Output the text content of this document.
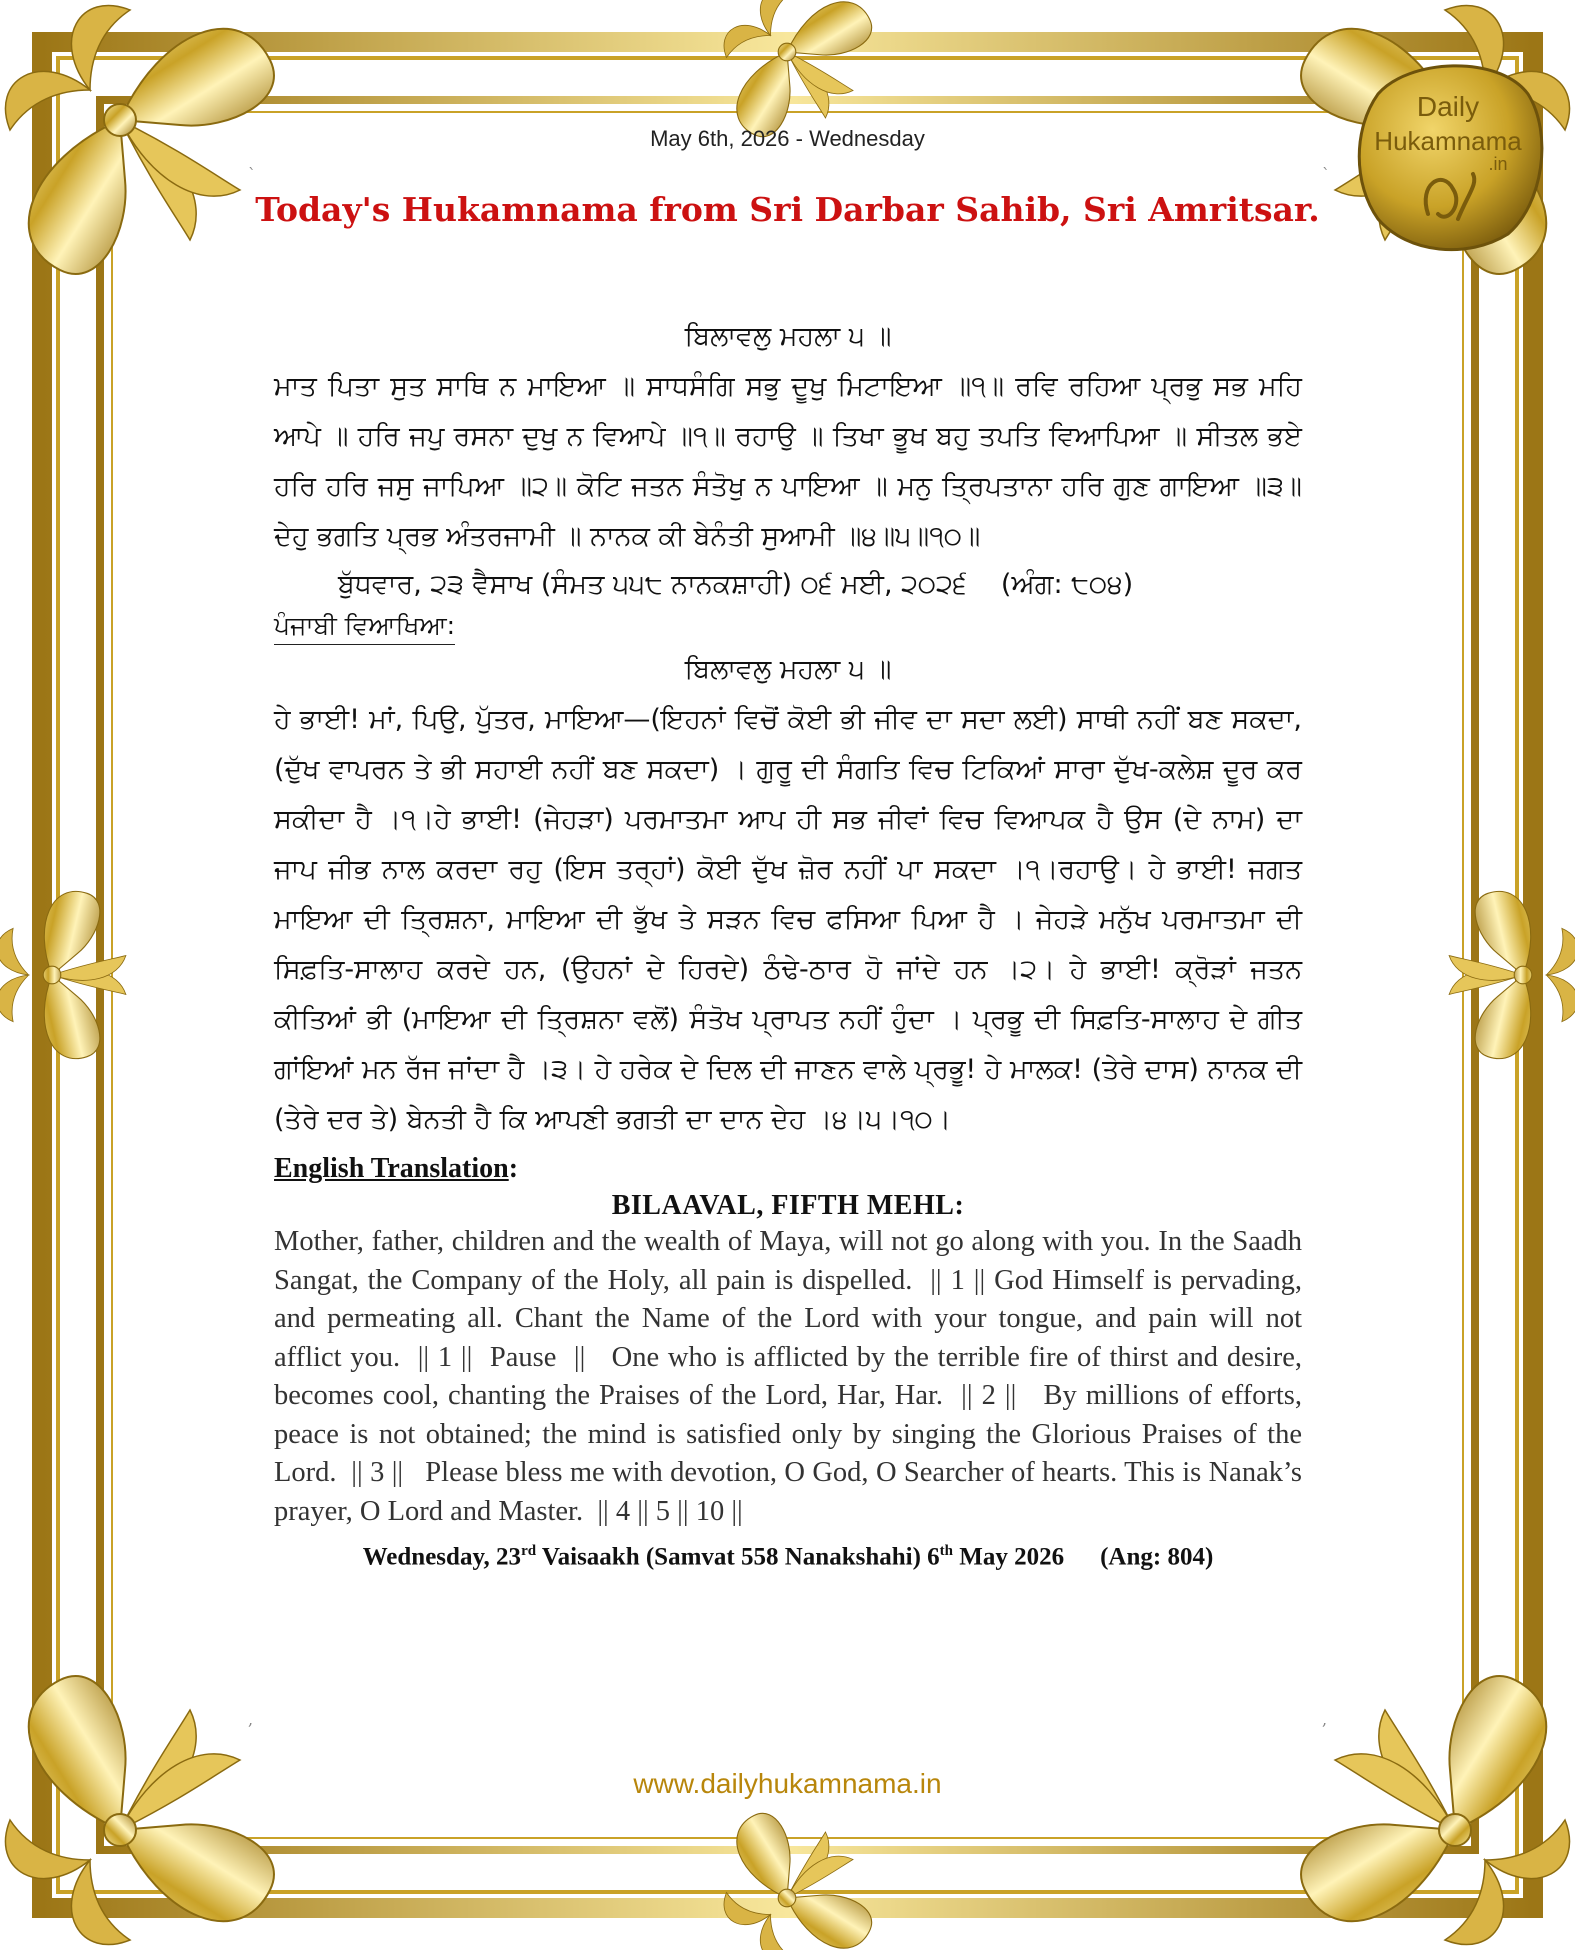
`	`
,	,
Daily
Hukamnama
.in
May 6th, 2026 - Wednesday
Today's Hukamnama from Sri Darbar Sahib, Sri Amritsar.

ਬਿਲਾਵਲੁ ਮਹਲਾ ੫ ॥

ਮਾਤ ਪਿਤਾ ਸੁਤ ਸਾਥਿ ਨ ਮਾਇਆ ॥ ਸਾਧਸੰਗਿ ਸਭੁ ਦੂਖੁ ਮਿਟਾਇਆ ॥੧॥ ਰਵਿ ਰਹਿਆ ਪ੍ਰਭੁ ਸਭ ਮਹਿ ਆਪੇ ॥ ਹਰਿ ਜਪੁ ਰਸਨਾ ਦੁਖੁ ਨ ਵਿਆਪੇ ॥੧॥ ਰਹਾਉ ॥ ਤਿਖਾ ਭੂਖ ਬਹੁ ਤਪਤਿ ਵਿਆਪਿਆ ॥ ਸੀਤਲ ਭਏ ਹਰਿ ਹਰਿ ਜਸੁ ਜਾਪਿਆ ॥੨॥ ਕੋਟਿ ਜਤਨ ਸੰਤੋਖੁ ਨ ਪਾਇਆ ॥ ਮਨੁ ਤ੍ਰਿਪਤਾਨਾ ਹਰਿ ਗੁਣ ਗਾਇਆ ॥੩॥ ਦੇਹੁ ਭਗਤਿ ਪ੍ਰਭ ਅੰਤਰਜਾਮੀ ॥ ਨਾਨਕ ਕੀ ਬੇਨੰਤੀ ਸੁਆਮੀ ॥੪॥੫॥੧੦॥

ਬੁੱਧਵਾਰ, ੨੩ ਵੈਸਾਖ (ਸੰਮਤ ੫੫੮ ਨਾਨਕਸ਼ਾਹੀ) ੦੬ ਮਈ, ੨੦੨੬    (ਅੰਗ: ੮੦੪)

ਪੰਜਾਬੀ ਵਿਆਖਿਆ:

ਬਿਲਾਵਲੁ ਮਹਲਾ ੫ ॥

ਹੇ ਭਾਈ! ਮਾਂ, ਪਿਉ, ਪੁੱਤਰ, ਮਾਇਆ—(ਇਹਨਾਂ ਵਿਚੋਂ ਕੋਈ ਭੀ ਜੀਵ ਦਾ ਸਦਾ ਲਈ) ਸਾਥੀ ਨਹੀਂ ਬਣ ਸਕਦਾ, (ਦੁੱਖ ਵਾਪਰਨ ਤੇ ਭੀ ਸਹਾਈ ਨਹੀਂ ਬਣ ਸਕਦਾ) । ਗੁਰੂ ਦੀ ਸੰਗਤਿ ਵਿਚ ਟਿਕਿਆਂ ਸਾਰਾ ਦੁੱਖ-ਕਲੇਸ਼ ਦੂਰ ਕਰ ਸਕੀਦਾ ਹੈ ।੧।ਹੇ ਭਾਈ! (ਜੇਹੜਾ) ਪਰਮਾਤਮਾ ਆਪ ਹੀ ਸਭ ਜੀਵਾਂ ਵਿਚ ਵਿਆਪਕ ਹੈ ਉਸ (ਦੇ ਨਾਮ) ਦਾ ਜਾਪ ਜੀਭ ਨਾਲ ਕਰਦਾ ਰਹੁ (ਇਸ ਤਰ੍ਹਾਂ) ਕੋਈ ਦੁੱਖ ਜ਼ੋਰ ਨਹੀਂ ਪਾ ਸਕਦਾ ।੧।ਰਹਾਉ। ਹੇ ਭਾਈ! ਜਗਤ ਮਾਇਆ ਦੀ ਤ੍ਰਿਸ਼ਨਾ, ਮਾਇਆ ਦੀ ਭੁੱਖ ਤੇ ਸੜਨ ਵਿਚ ਫਸਿਆ ਪਿਆ ਹੈ । ਜੇਹੜੇ ਮਨੁੱਖ ਪਰਮਾਤਮਾ ਦੀ ਸਿਫ਼ਤਿ-ਸਾਲਾਹ ਕਰਦੇ ਹਨ, (ਉਹਨਾਂ ਦੇ ਹਿਰਦੇ) ਠੰਢੇ-ਠਾਰ ਹੋ ਜਾਂਦੇ ਹਨ ।੨। ਹੇ ਭਾਈ! ਕ੍ਰੋੜਾਂ ਜਤਨ ਕੀਤਿਆਂ ਭੀ (ਮਾਇਆ ਦੀ ਤ੍ਰਿਸ਼ਨਾ ਵਲੋਂ) ਸੰਤੋਖ ਪ੍ਰਾਪਤ ਨਹੀਂ ਹੁੰਦਾ । ਪ੍ਰਭੂ ਦੀ ਸਿਫ਼ਤਿ-ਸਾਲਾਹ ਦੇ ਗੀਤ ਗਾਂਇਆਂ ਮਨ ਰੱਜ ਜਾਂਦਾ ਹੈ ।੩। ਹੇ ਹਰੇਕ ਦੇ ਦਿਲ ਦੀ ਜਾਣਨ ਵਾਲੇ ਪ੍ਰਭੂ! ਹੇ ਮਾਲਕ! (ਤੇਰੇ ਦਾਸ) ਨਾਨਕ ਦੀ (ਤੇਰੇ ਦਰ ਤੇ) ਬੇਨਤੀ ਹੈ ਕਿ ਆਪਣੀ ਭਗਤੀ ਦਾ ਦਾਨ ਦੇਹ ।੪।੫।੧੦।

English Translation:
BILAAVAL, FIFTH MEHL:

Mother, father, children and the wealth of Maya, will not go along with you. In the Saadh Sangat, the Company of the Holy, all pain is dispelled.  || 1 || God Himself is pervading, and permeating all. Chant the Name of the Lord with your tongue, and pain will not afflict you.  || 1 ||  Pause  ||   One who is afflicted by the terrible fire of thirst and desire, becomes cool, chanting the Praises of the Lord, Har, Har.  || 2 ||   By millions of efforts, peace is not obtained; the mind is satisfied only by singing the Glorious Praises of the Lord.  || 3 ||   Please bless me with devotion, O God, O Searcher of hearts. This is Nanak’s prayer, O Lord and Master.  || 4 || 5 || 10 ||

Wednesday, 23rd Vaisaakh (Samvat 558 Nanakshahi) 6th May 2026 (Ang: 804)
www.dailyhukamnama.in
